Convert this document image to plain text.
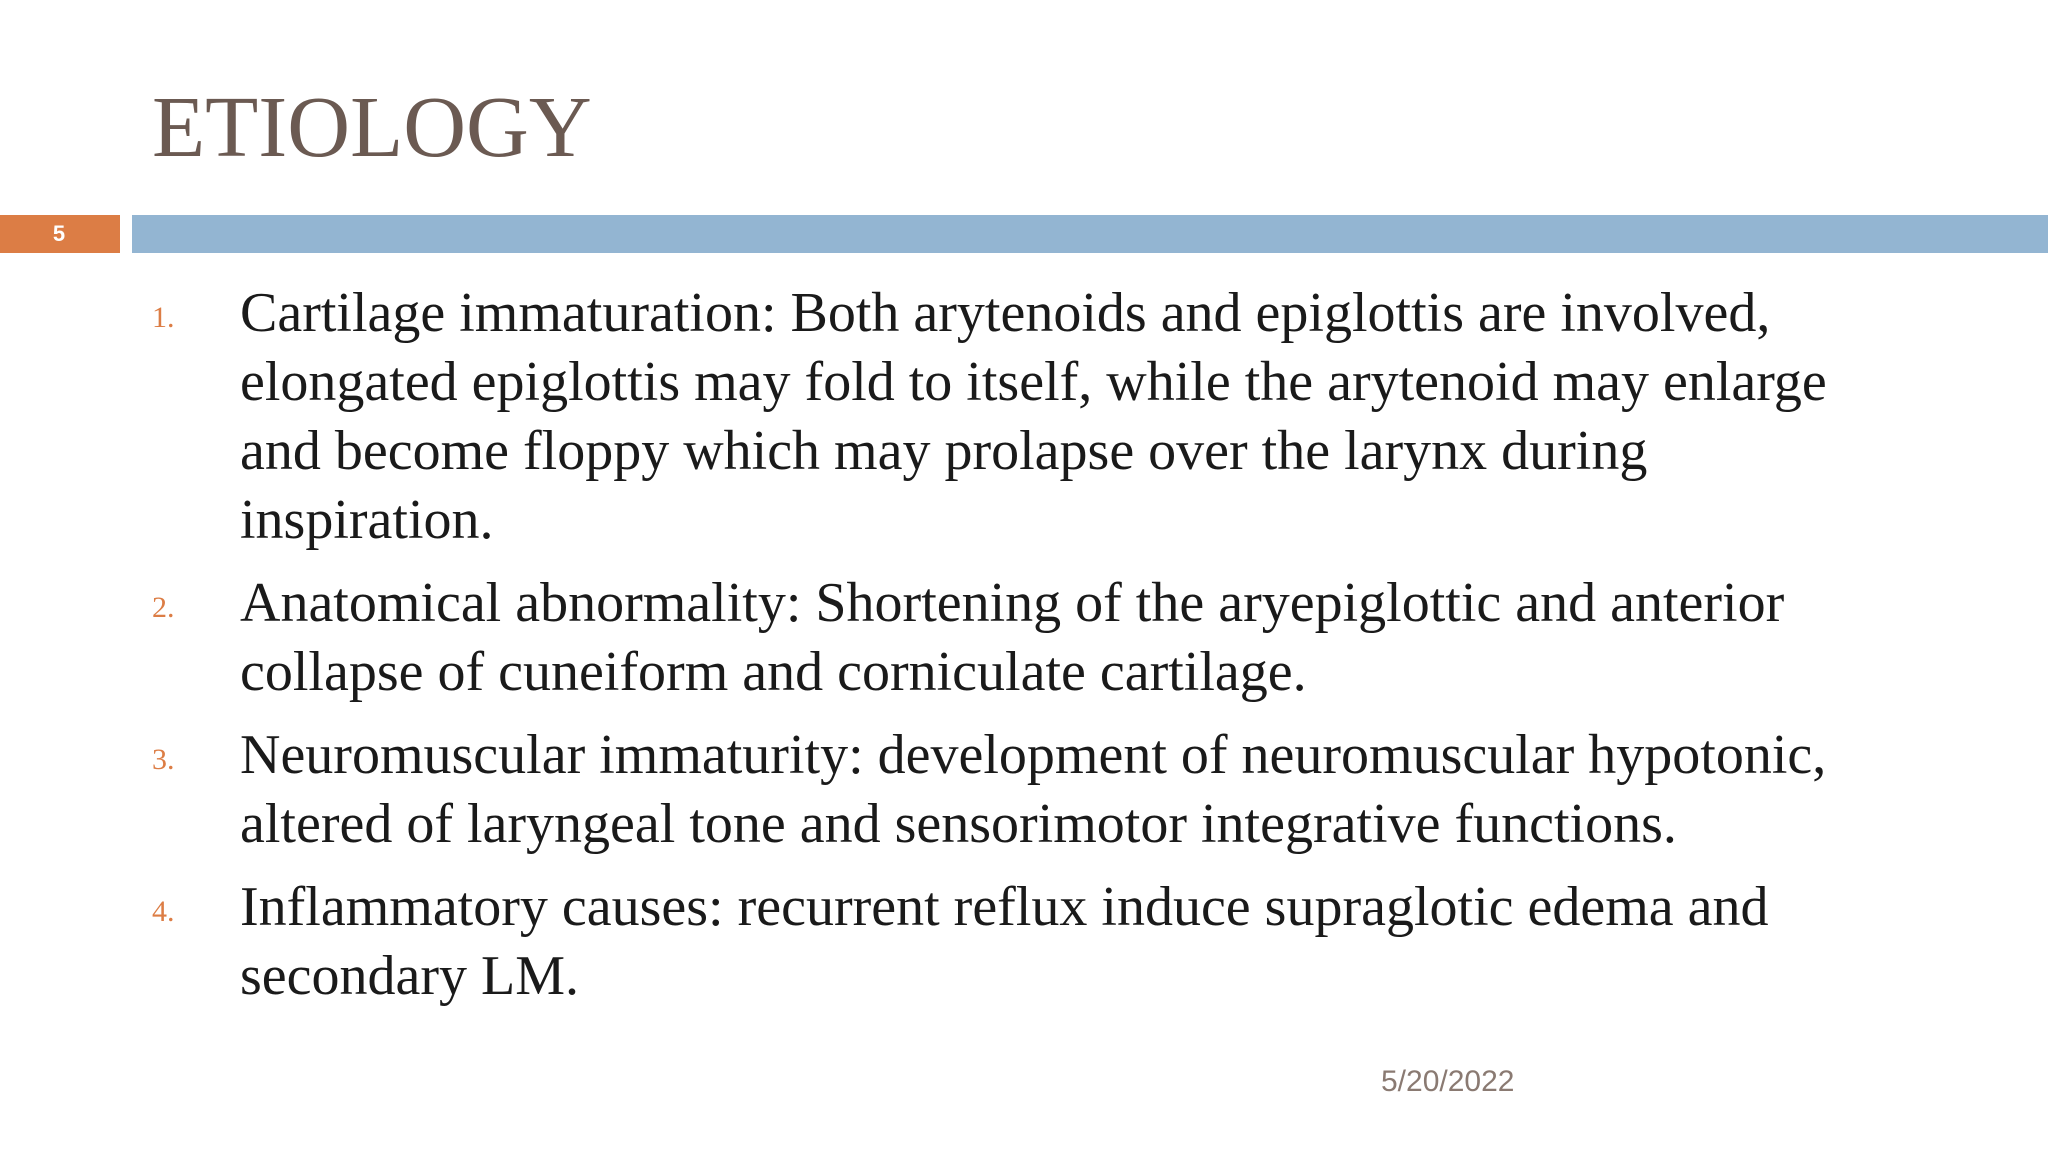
ETIOLOGY
5
1.	Cartilage immaturation: Both arytenoids and epiglottis are involved, elongated epiglottis may fold to itself, while the arytenoid may enlarge and become floppy which may prolapse over the larynx during inspiration.
2.	Anatomical abnormality: Shortening of the aryepiglottic and anterior collapse of cuneiform and corniculate cartilage.
3.	Neuromuscular immaturity: development of neuromuscular hypotonic, altered of laryngeal tone and sensorimotor integrative functions.
4.	Inflammatory causes: recurrent reflux induce supraglotic edema and secondary LM.
5/20/2022
